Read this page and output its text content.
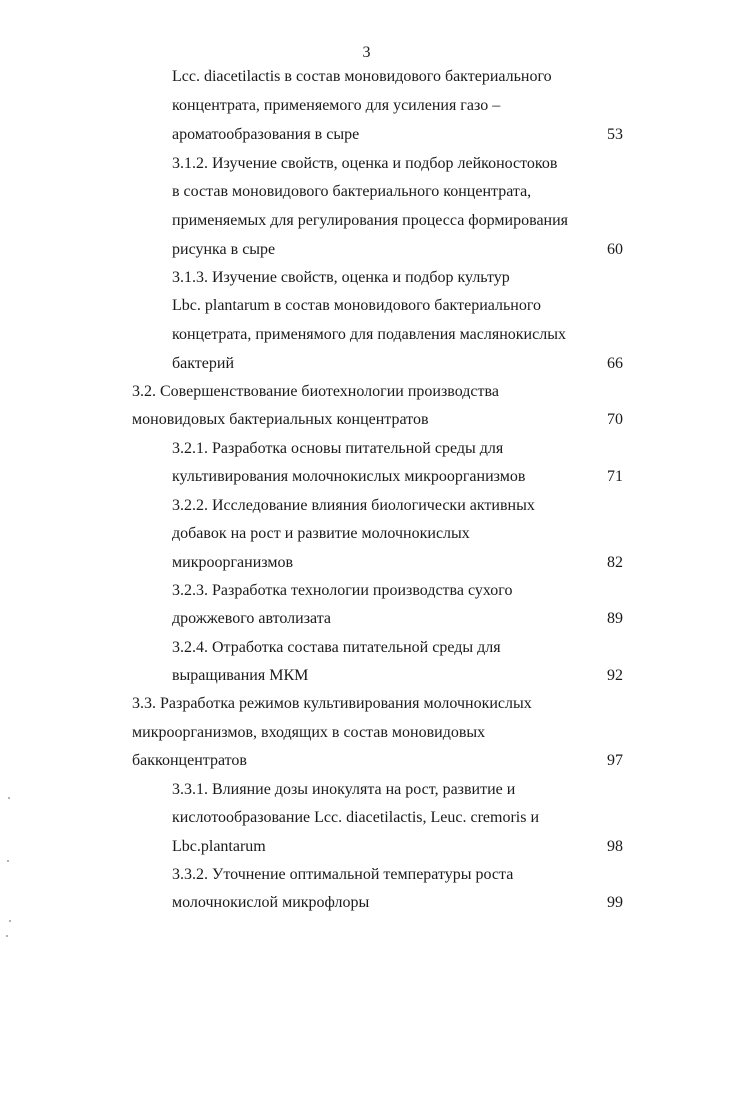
3
Lcc. diacetilactis в состав моновидового бактериального
концентрата, применяемого для усиления газо –
ароматообразования в сыре	53
3.1.2. Изучение свойств, оценка и подбор лейконостоков
в состав моновидового бактериального концентрата,
применяемых для регулирования процесса формирования
рисунка в сыре	60
3.1.3. Изучение свойств, оценка и подбор культур
Lbc. plantarum в состав моновидового бактериального
концетрата, применямого для подавления маслянокислых
бактерий	66
3.2. Совершенствование биотехнологии производства
моновидовых бактериальных концентратов	70
3.2.1. Разработка основы питательной среды для
культивирования молочнокислых микроорганизмов	71
3.2.2. Исследование влияния биологически активных
добавок на рост и развитие молочнокислых
микроорганизмов	82
3.2.3. Разработка технологии производства сухого
дрожжевого автолизата	89
3.2.4. Отработка состава питательной среды для
выращивания МКМ	92
3.3. Разработка режимов культивирования молочнокислых
микроорганизмов, входящих в состав моновидовых
бакконцентратов	97
3.3.1. Влияние дозы инокулята на рост, развитие и
кислотообразование Lcc. diacetilactis, Leuc. cremoris и
Lbc.plantarum	98
3.3.2. Уточнение оптимальной температуры роста
молочнокислой микрофлоры	99
